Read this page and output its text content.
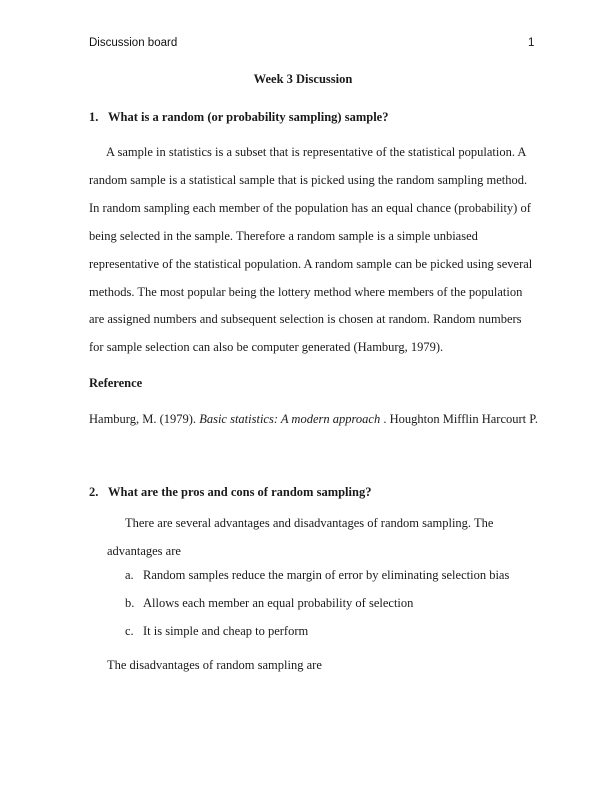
Discussion board	1
Week 3 Discussion
1. What is a random (or probability sampling) sample?

A sample in statistics is a subset that is representative of the statistical population. A random sample is a statistical sample that is picked using the random sampling method. In random sampling each member of the population has an equal chance (probability) of being selected in the sample. Therefore a random sample is a simple unbiased representative of the statistical population. A random sample can be picked using several methods. The most popular being the lottery method where members of the population are assigned numbers and subsequent selection is chosen at random. Random numbers for sample selection can also be computer generated (Hamburg, 1979).

Reference
Hamburg, M. (1979). Basic statistics: A modern approach . Houghton Mifflin Harcourt P.
2. What are the pros and cons of random sampling?

There are several advantages and disadvantages of random sampling. The advantages are

a. Random samples reduce the margin of error by eliminating selection bias
b. Allows each member an equal probability of selection
c. It is simple and cheap to perform
The disadvantages of random sampling are
